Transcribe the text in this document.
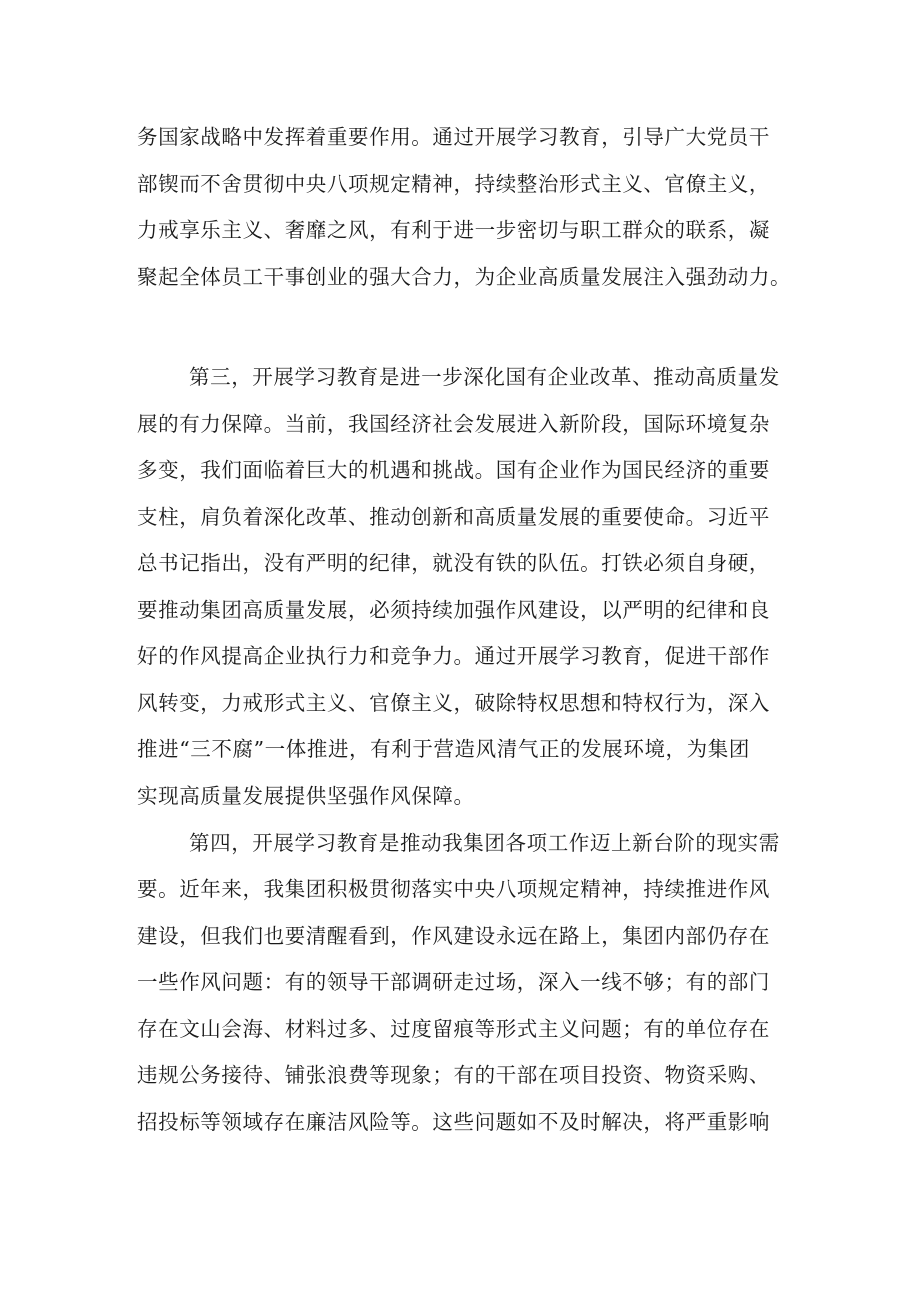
务国家战略中发挥着重要作用。通过开展学习教育，引导广大党员干
部锲而不舍贯彻中央八项规定精神，持续整治形式主义、官僚主义，
力戒享乐主义、奢靡之风，有利于进一步密切与职工群众的联系，凝
聚起全体员工干事创业的强大合力，为企业高质量发展注入强劲动力。
第三，开展学习教育是进一步深化国有企业改革、推动高质量发
展的有力保障。当前，我国经济社会发展进入新阶段，国际环境复杂
多变，我们面临着巨大的机遇和挑战。国有企业作为国民经济的重要
支柱，肩负着深化改革、推动创新和高质量发展的重要使命。习近平
总书记指出，没有严明的纪律，就没有铁的队伍。打铁必须自身硬，
要推动集团高质量发展，必须持续加强作风建设，以严明的纪律和良
好的作风提高企业执行力和竞争力。通过开展学习教育，促进干部作
风转变，力戒形式主义、官僚主义，破除特权思想和特权行为，深入
推进“三不腐”一体推进，有利于营造风清气正的发展环境，为集团
实现高质量发展提供坚强作风保障。
第四，开展学习教育是推动我集团各项工作迈上新台阶的现实需
要。近年来，我集团积极贯彻落实中央八项规定精神，持续推进作风
建设，但我们也要清醒看到，作风建设永远在路上，集团内部仍存在
一些作风问题：有的领导干部调研走过场，深入一线不够；有的部门
存在文山会海、材料过多、过度留痕等形式主义问题；有的单位存在
违规公务接待、铺张浪费等现象；有的干部在项目投资、物资采购、
招投标等领域存在廉洁风险等。这些问题如不及时解决，将严重影响
